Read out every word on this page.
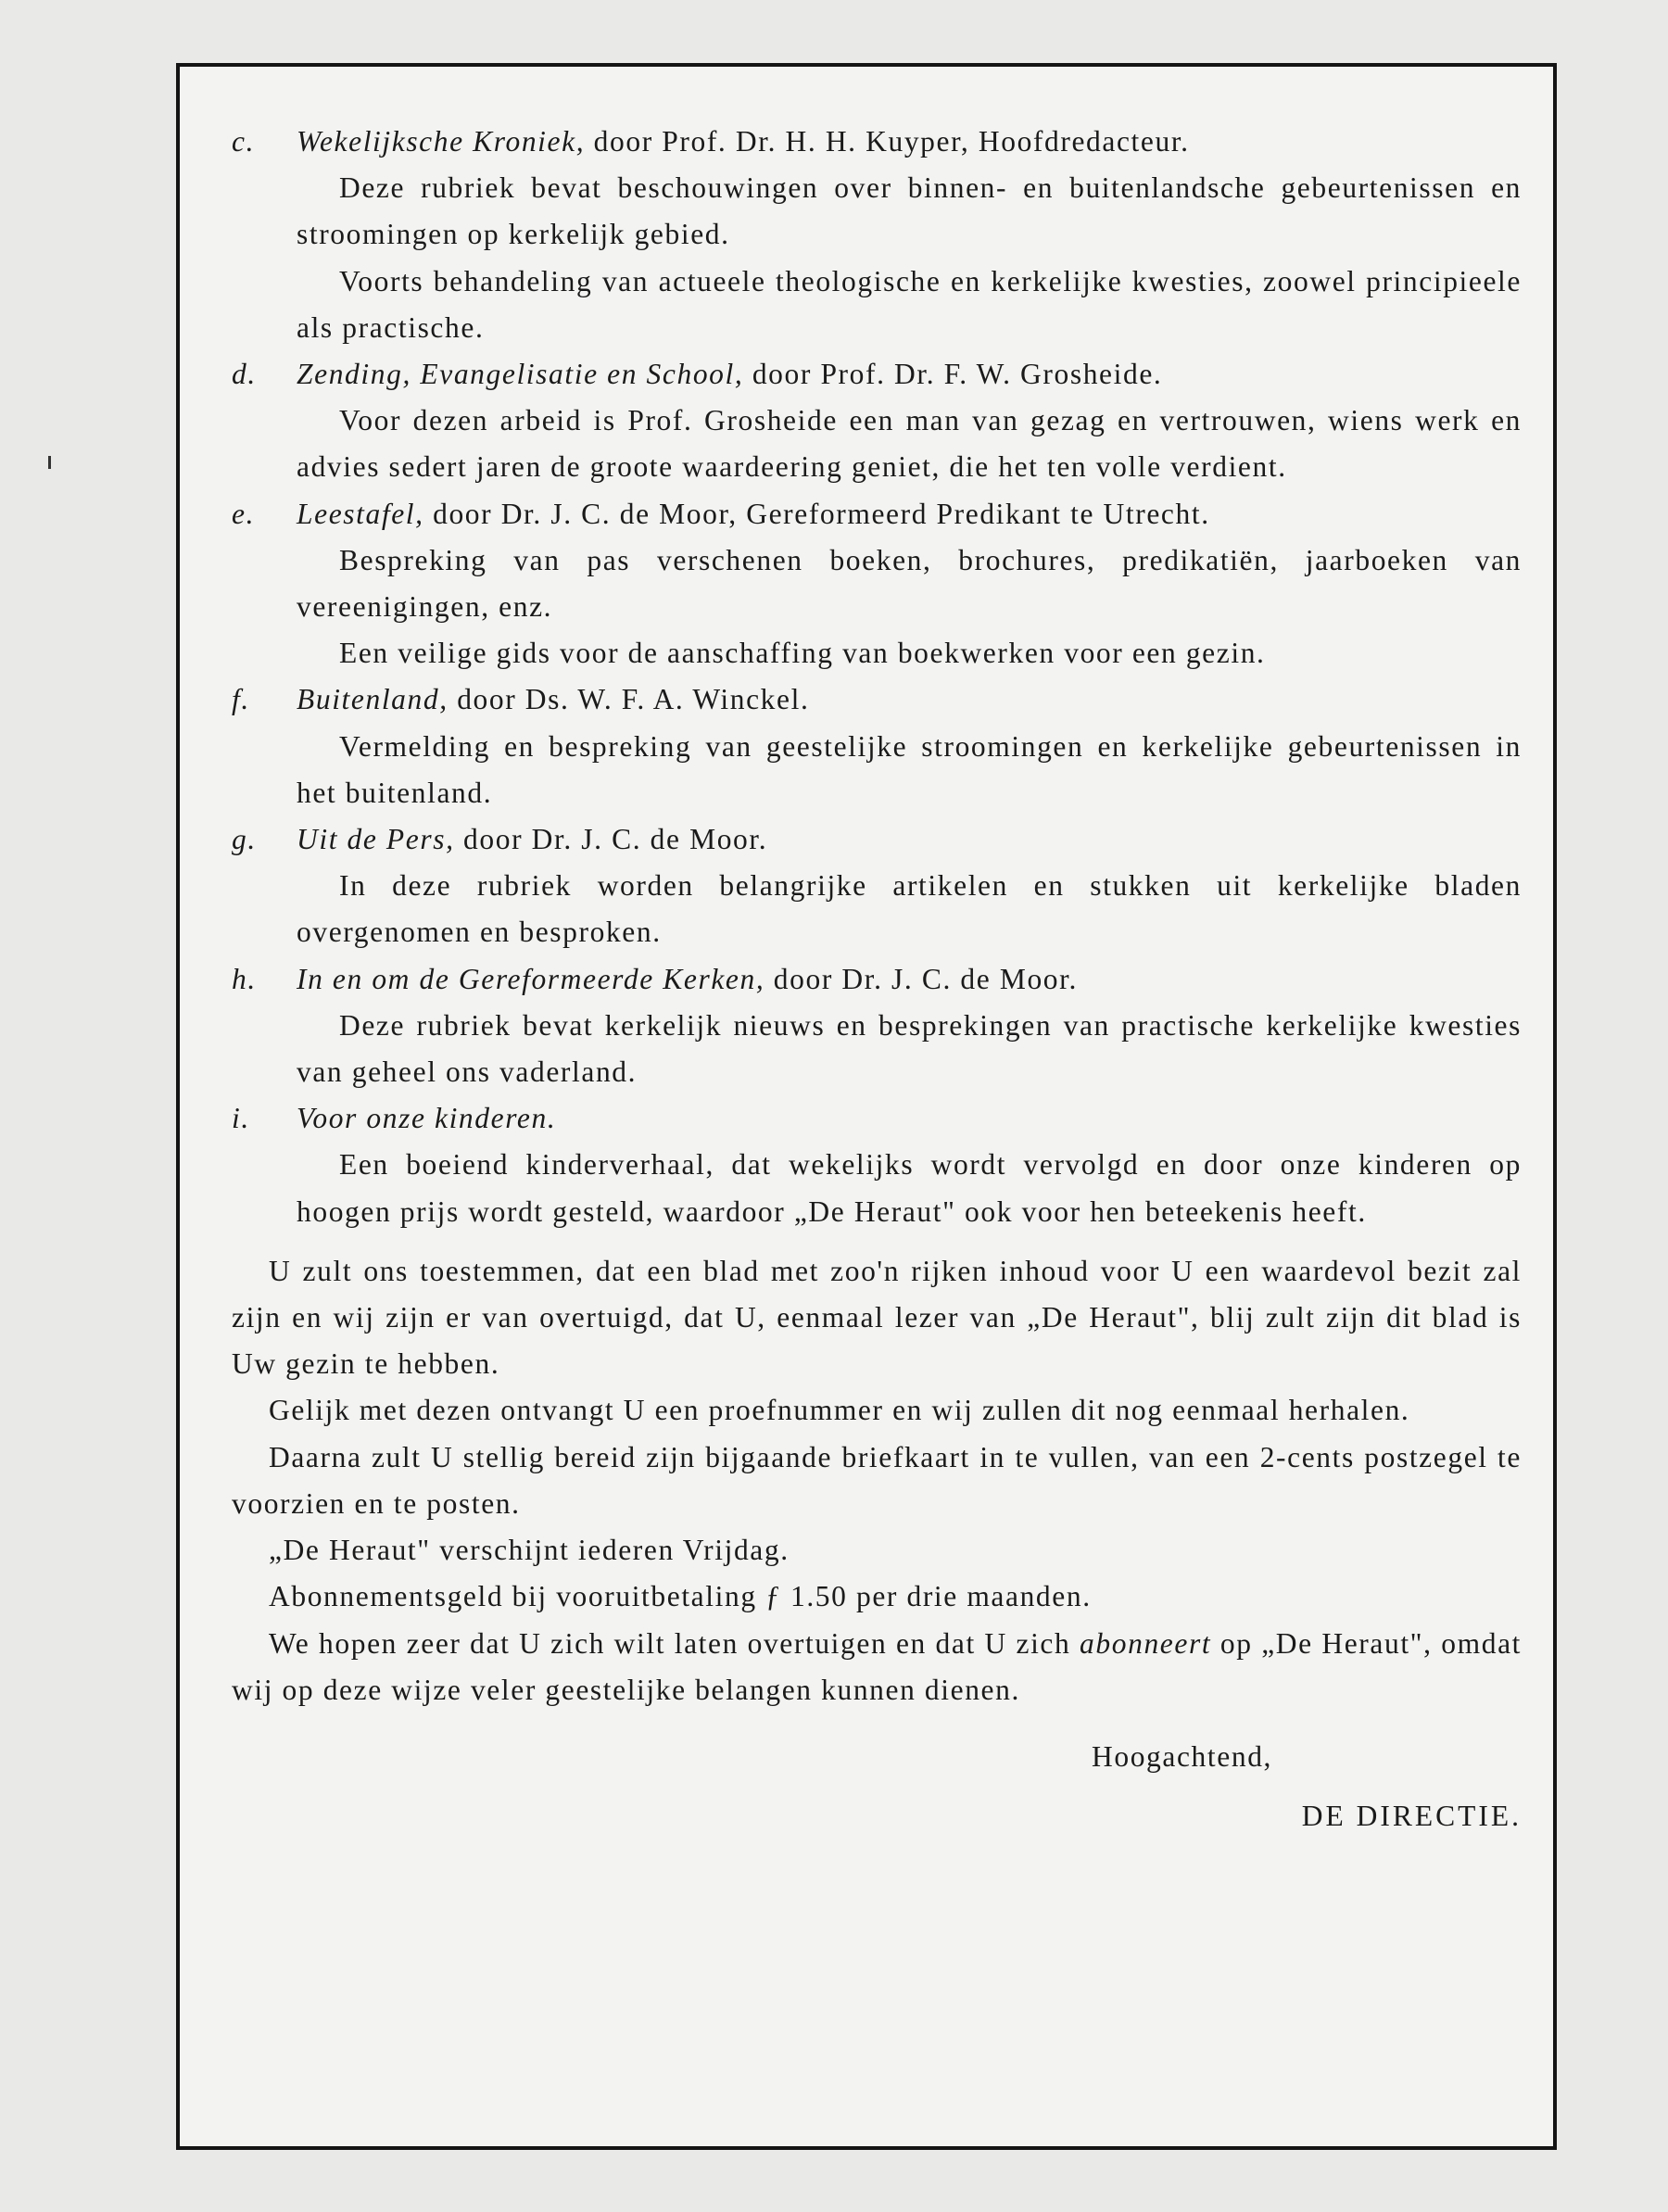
c. Wekelijksche Kroniek, door Prof. Dr. H. H. Kuyper, Hoofdredacteur.

Deze rubriek bevat beschouwingen over binnen- en buitenlandsche gebeurtenissen en stroomingen op kerkelijk gebied.

Voorts behandeling van actueele theologische en kerkelijke kwesties, zoowel principieele als practische.

d. Zending, Evangelisatie en School, door Prof. Dr. F. W. Grosheide.

Voor dezen arbeid is Prof. Grosheide een man van gezag en vertrouwen, wiens werk en advies sedert jaren de groote waardeering geniet, die het ten volle verdient.

e. Leestafel, door Dr. J. C. de Moor, Gereformeerd Predikant te Utrecht.

Bespreking van pas verschenen boeken, brochures, predikatiën, jaarboeken van vereenigingen, enz.

Een veilige gids voor de aanschaffing van boekwerken voor een gezin.

f. Buitenland, door Ds. W. F. A. Winckel.

Vermelding en bespreking van geestelijke stroomingen en kerkelijke gebeurtenissen in het buitenland.

g. Uit de Pers, door Dr. J. C. de Moor.

In deze rubriek worden belangrijke artikelen en stukken uit kerkelijke bladen overgenomen en besproken.

h. In en om de Gereformeerde Kerken, door Dr. J. C. de Moor.

Deze rubriek bevat kerkelijk nieuws en besprekingen van practische kerkelijke kwesties van geheel ons vaderland.

i. Voor onze kinderen.

Een boeiend kinderverhaal, dat wekelijks wordt vervolgd en door onze kinderen op hoogen prijs wordt gesteld, waardoor „De Heraut" ook voor hen beteekenis heeft.

U zult ons toestemmen, dat een blad met zoo'n rijken inhoud voor U een waardevol bezit zal zijn en wij zijn er van overtuigd, dat U, eenmaal lezer van „De Heraut", blij zult zijn dit blad is Uw gezin te hebben.

Gelijk met dezen ontvangt U een proefnummer en wij zullen dit nog eenmaal herhalen.

Daarna zult U stellig bereid zijn bijgaande briefkaart in te vullen, van een 2-cents postzegel te voorzien en te posten.

„De Heraut" verschijnt iederen Vrijdag.

Abonnementsgeld bij vooruitbetaling ƒ 1.50 per drie maanden.

We hopen zeer dat U zich wilt laten overtuigen en dat U zich abonneert op „De Heraut", omdat wij op deze wijze veler geestelijke belangen kunnen dienen.

Hoogachtend,
DE DIRECTIE.
